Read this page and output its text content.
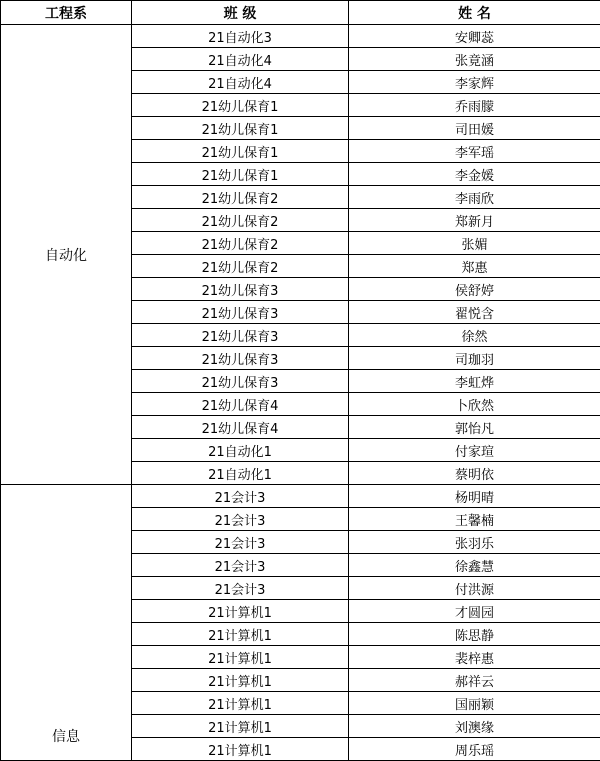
工程系	班 级	姓 名
自动化	21自动化3	安卿蕊
	21自动化4	张竟涵
	21自动化4	李家辉
	21幼儿保育1	乔雨朦
	21幼儿保育1	司田媛
	21幼儿保育1	李军瑶
	21幼儿保育1	李金媛
	21幼儿保育2	李雨欣
	21幼儿保育2	郑新月
	21幼儿保育2	张媚
	21幼儿保育2	郑惠
	21幼儿保育3	侯舒婷
	21幼儿保育3	翟悦含
	21幼儿保育3	徐然
	21幼儿保育3	司珈羽
	21幼儿保育3	李虹烨
	21幼儿保育4	卜欣然
	21幼儿保育4	郭怡凡
	21自动化1	付家瑄
	21自动化1	蔡明依
信息	21会计3	杨明晴
	21会计3	王馨楠
	21会计3	张羽乐
	21会计3	徐鑫慧
	21会计3	付洪源
	21计算机1	才圆园
	21计算机1	陈思静
	21计算机1	裴梓惠
	21计算机1	郝祥云
	21计算机1	国丽颖
	21计算机1	刘澳缘
	21计算机1	周乐瑶
